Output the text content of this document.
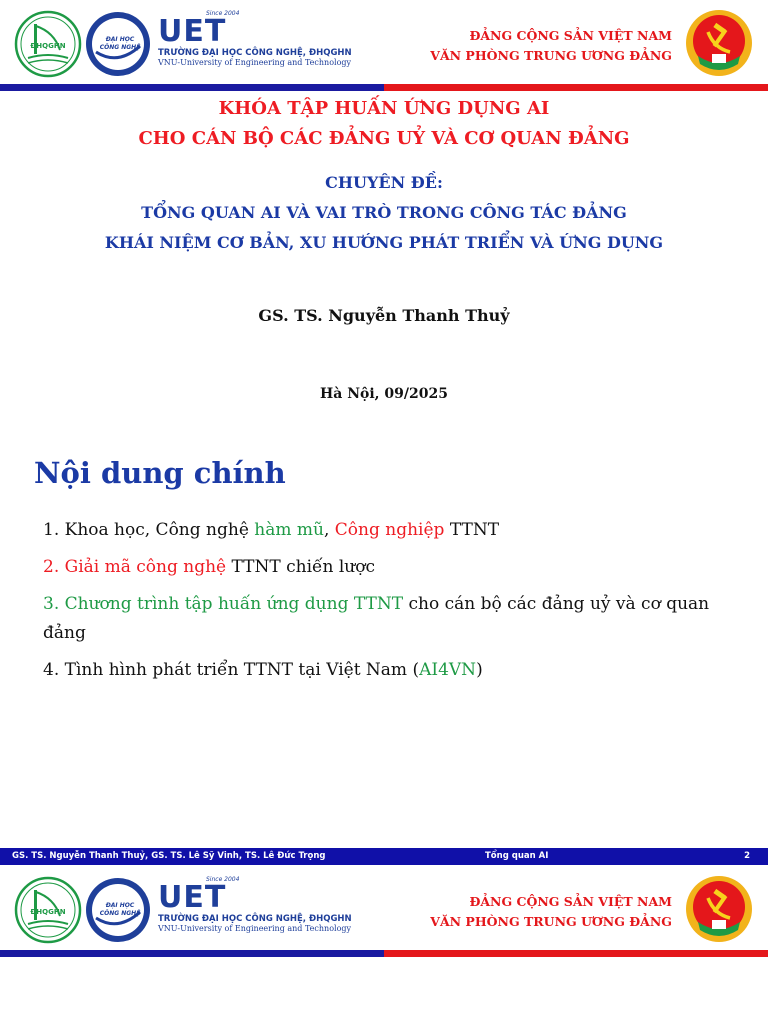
ĐHQGHN
ĐẠI HỌC
CÔNG NGHỆ
Since 2004
UET
TRƯỜNG ĐẠI HỌC CÔNG NGHỆ, ĐHQGHN
VNU-University of Engineering and Technology
ĐẢNG CỘNG SẢN VIỆT NAM
VĂN PHÒNG TRUNG ƯƠNG ĐẢNG
KHÓA TẬP HUẤN ỨNG DỤNG AI
CHO CÁN BỘ CÁC ĐẢNG UỶ VÀ CƠ QUAN ĐẢNG
CHUYÊN ĐỀ:
TỔNG QUAN AI VÀ VAI TRÒ TRONG CÔNG TÁC ĐẢNG
KHÁI NIỆM CƠ BẢN, XU HƯỚNG PHÁT TRIỂN VÀ ỨNG DỤNG
GS. TS. Nguyễn Thanh Thuỷ
Hà Nội, 09/2025
Nội dung chính
1. Khoa học, Công nghệ hàm mũ, Công nghiệp TTNT
2. Giải mã công nghệ TTNT chiến lược
3. Chương trình tập huấn ứng dụng TTNT cho cán bộ các đảng uỷ và cơ quan đảng
4. Tình hình phát triển TTNT tại Việt Nam (AI4VN)
GS. TS. Nguyễn Thanh Thuỷ, GS. TS. Lê Sỹ Vinh, TS. Lê Đức Trọng	Tổng quan AI	2
ĐHQGHN
ĐẠI HỌC
CÔNG NGHỆ
Since 2004
UET
TRƯỜNG ĐẠI HỌC CÔNG NGHỆ, ĐHQGHN
VNU-University of Engineering and Technology
ĐẢNG CỘNG SẢN VIỆT NAM
VĂN PHÒNG TRUNG ƯƠNG ĐẢNG
